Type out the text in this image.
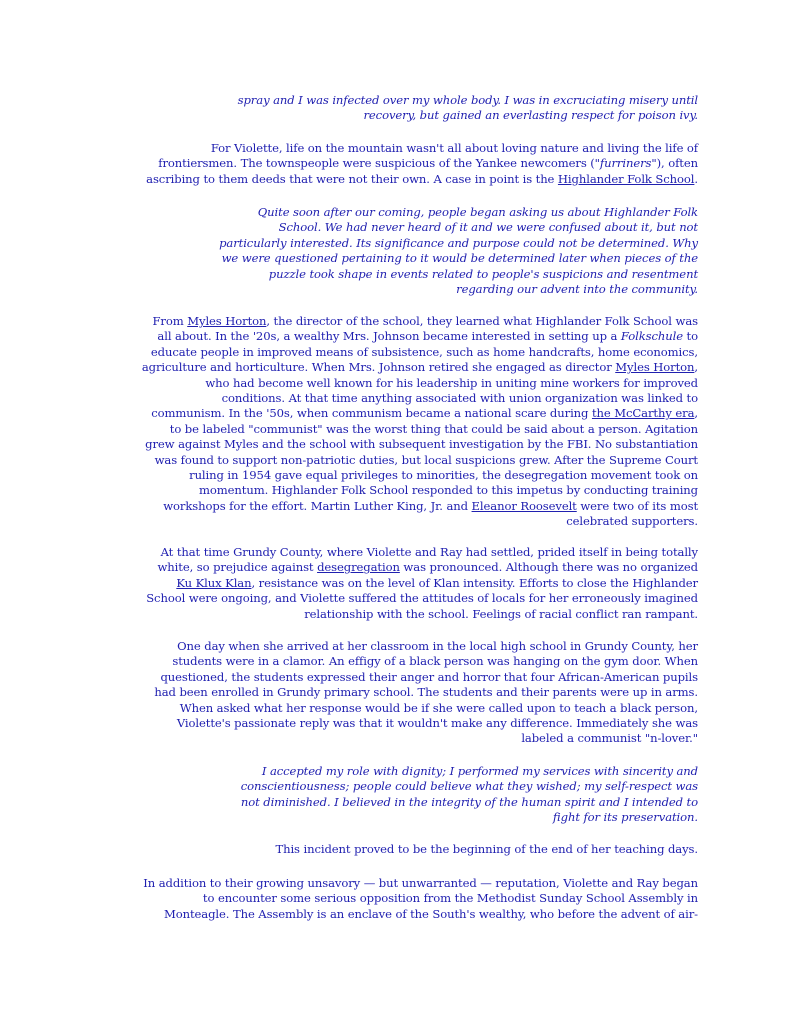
spray and I was infected over my whole body. I was in excruciating misery until
recovery, but gained an everlasting respect for poison ivy.
For Violette, life on the mountain wasn't all about loving nature and living the life of
frontiersmen. The townspeople were suspicious of the Yankee newcomers ("furriners"), often
ascribing to them deeds that were not their own. A case in point is the Highlander Folk School.
Quite soon after our coming, people began asking us about Highlander Folk
School. We had never heard of it and we were confused about it, but not
particularly interested. Its significance and purpose could not be determined. Why
we were questioned pertaining to it would be determined later when pieces of the
puzzle took shape in events related to people's suspicions and resentment
regarding our advent into the community.
From Myles Horton, the director of the school, they learned what Highlander Folk School was
all about. In the '20s, a wealthy Mrs. Johnson became interested in setting up a Folkschule to
educate people in improved means of subsistence, such as home handcrafts, home economics,
agriculture and horticulture. When Mrs. Johnson retired she engaged as director Myles Horton,
who had become well known for his leadership in uniting mine workers for improved
conditions. At that time anything associated with union organization was linked to
communism. In the '50s, when communism became a national scare during the McCarthy era,
to be labeled "communist" was the worst thing that could be said about a person. Agitation
grew against Myles and the school with subsequent investigation by the FBI. No substantiation
was found to support non-patriotic duties, but local suspicions grew. After the Supreme Court
ruling in 1954 gave equal privileges to minorities, the desegregation movement took on
momentum. Highlander Folk School responded to this impetus by conducting training
workshops for the effort. Martin Luther King, Jr. and Eleanor Roosevelt were two of its most
celebrated supporters.
At that time Grundy County, where Violette and Ray had settled, prided itself in being totally
white, so prejudice against desegregation was pronounced. Although there was no organized
Ku Klux Klan, resistance was on the level of Klan intensity. Efforts to close the Highlander
School were ongoing, and Violette suffered the attitudes of locals for her erroneously imagined
relationship with the school. Feelings of racial conflict ran rampant.
One day when she arrived at her classroom in the local high school in Grundy County, her
students were in a clamor. An effigy of a black person was hanging on the gym door. When
questioned, the students expressed their anger and horror that four African-American pupils
had been enrolled in Grundy primary school. The students and their parents were up in arms.
When asked what her response would be if she were called upon to teach a black person,
Violette's passionate reply was that it wouldn't make any difference. Immediately she was
labeled a communist "n-lover."
I accepted my role with dignity; I performed my services with sincerity and
conscientiousness; people could believe what they wished; my self-respect was
not diminished. I believed in the integrity of the human spirit and I intended to
fight for its preservation.
This incident proved to be the beginning of the end of her teaching days.
In addition to their growing unsavory — but unwarranted — reputation, Violette and Ray began
to encounter some serious opposition from the Methodist Sunday School Assembly in
Monteagle. The Assembly is an enclave of the South's wealthy, who before the advent of air-
